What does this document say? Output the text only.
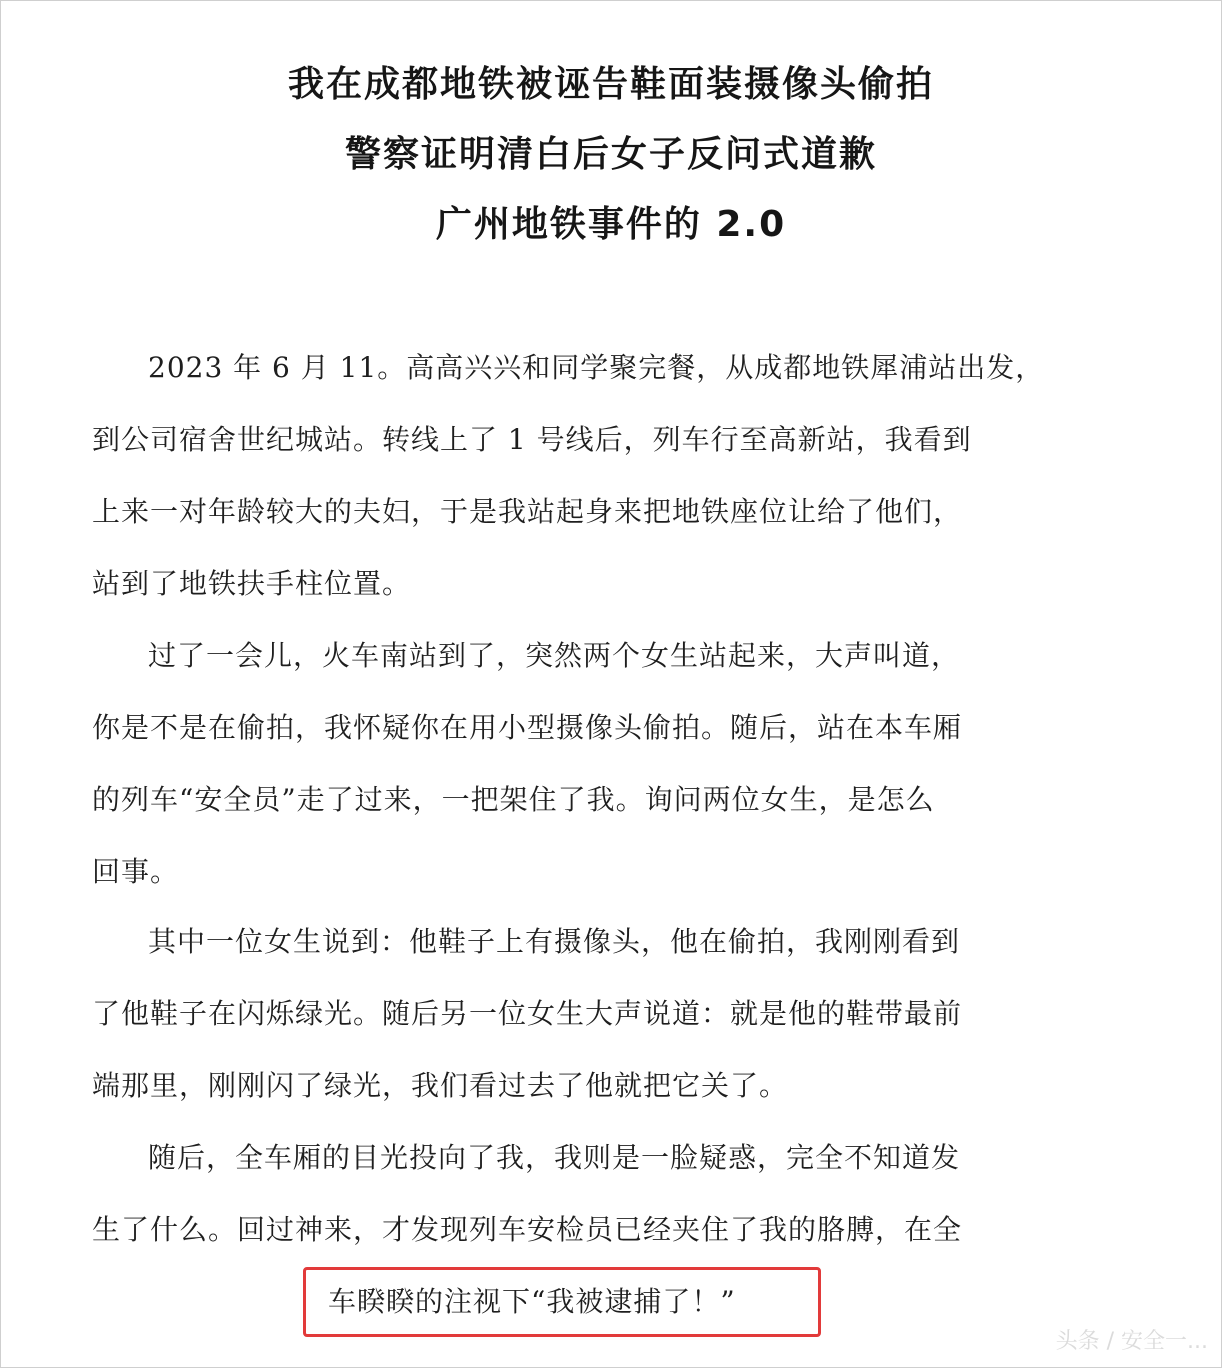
我在成都地铁被诬告鞋面装摄像头偷拍
警察证明清白后女子反问式道歉
广州地铁事件的 2.0
2023 年 6 月 11。高高兴兴和同学聚完餐，从成都地铁犀浦站出发，
到公司宿舍世纪城站。转线上了 1 号线后，列车行至高新站，我看到
上来一对年龄较大的夫妇，于是我站起身来把地铁座位让给了他们，
站到了地铁扶手柱位置。
过了一会儿，火车南站到了，突然两个女生站起来，大声叫道，
你是不是在偷拍，我怀疑你在用小型摄像头偷拍。随后，站在本车厢
的列车“安全员”走了过来，一把架住了我。询问两位女生，是怎么
回事。
其中一位女生说到：他鞋子上有摄像头，他在偷拍，我刚刚看到
了他鞋子在闪烁绿光。随后另一位女生大声说道：就是他的鞋带最前
端那里，刚刚闪了绿光，我们看过去了他就把它关了。
随后，全车厢的目光投向了我，我则是一脸疑惑，完全不知道发
生了什么。回过神来，才发现列车安检员已经夹住了我的胳膊，在全
车睽睽的注视下“我被逮捕了！”
头条 / 安全一...
